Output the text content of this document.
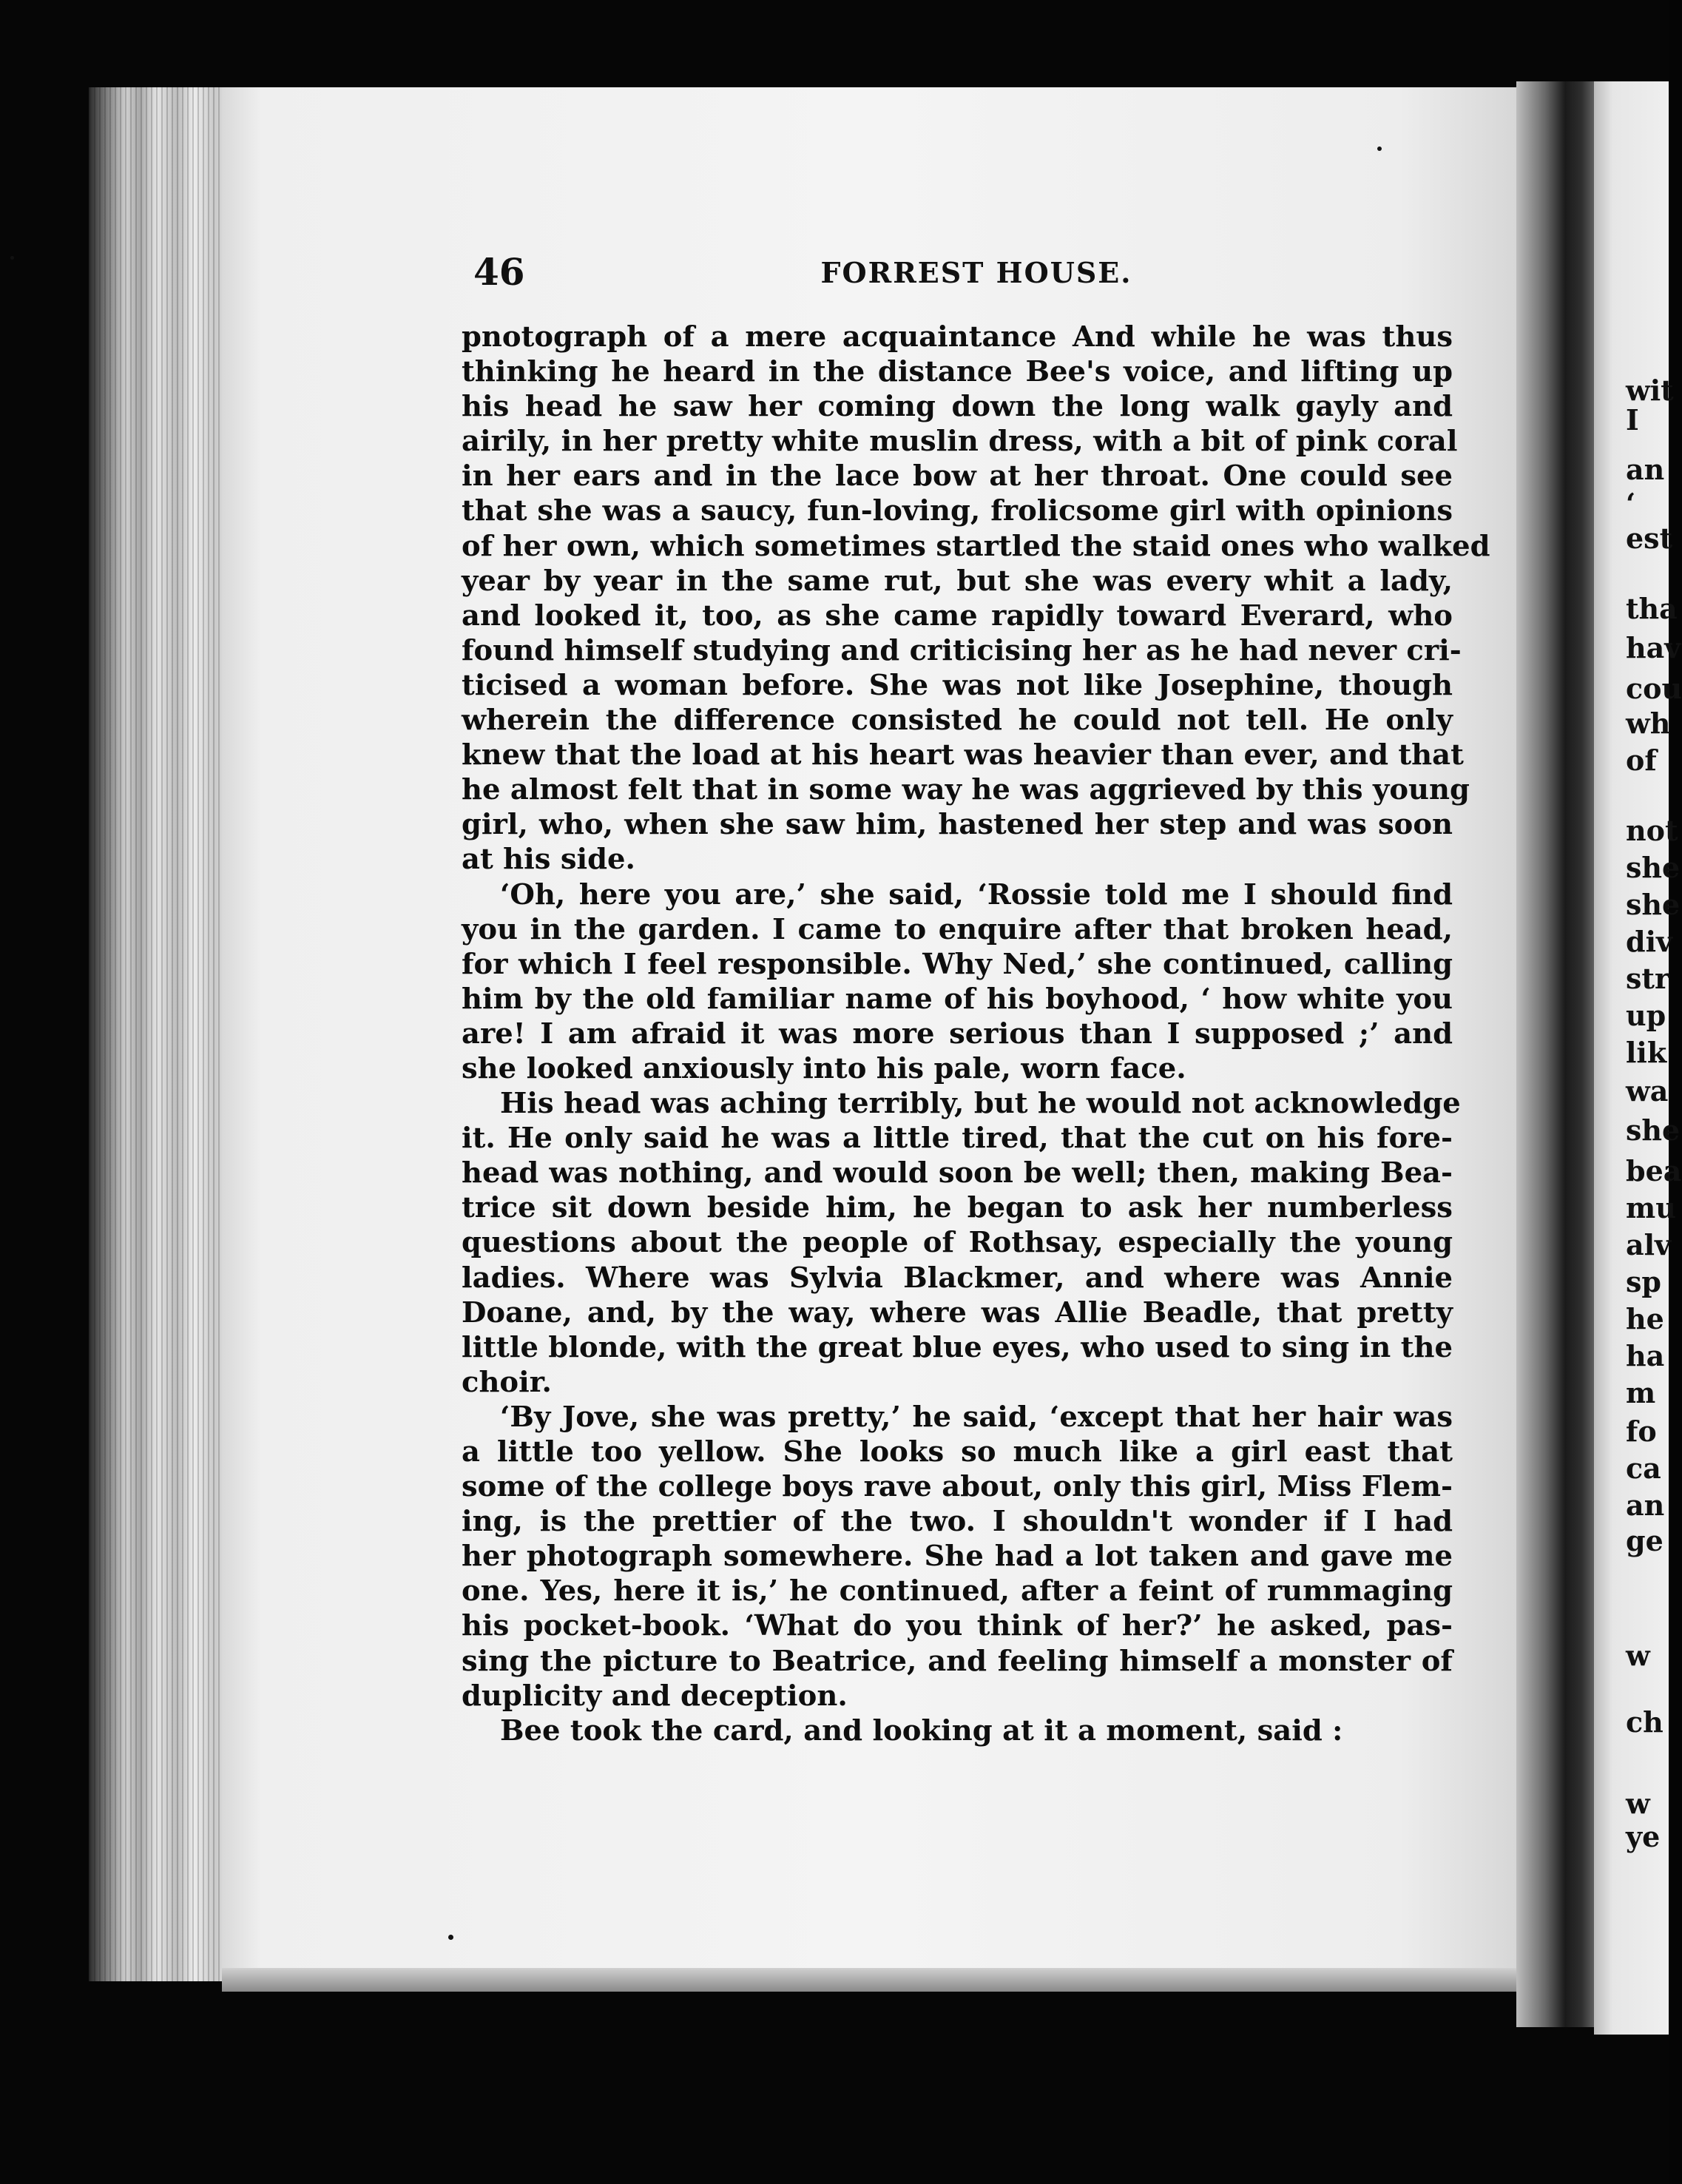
46	FORREST HOUSE.
pnotograph of a mere acquaintance And while he was thus
thinking he heard in the distance Bee's voice, and lifting up
his head he saw her coming down the long walk gayly and
airily, in her pretty white muslin dress, with a bit of pink coral
in her ears and in the lace bow at her throat. One could see
that she was a saucy, fun-loving, frolicsome girl with opinions
of her own, which sometimes startled the staid ones who walked
year by year in the same rut, but she was every whit a lady,
and looked it, too, as she came rapidly toward Everard, who
found himself studying and criticising her as he had never cri-
ticised a woman before. She was not like Josephine, though
wherein the difference consisted he could not tell. He only
knew that the load at his heart was heavier than ever, and that
he almost felt that in some way he was aggrieved by this young
girl, who, when she saw him, hastened her step and was soon
at his side.
‘Oh, here you are,’ she said, ‘Rossie told me I should find
you in the garden. I came to enquire after that broken head,
for which I feel responsible. Why Ned,’ she continued, calling
him by the old familiar name of his boyhood, ‘ how white you
are! I am afraid it was more serious than I supposed ;’ and
she looked anxiously into his pale, worn face.
His head was aching terribly, but he would not acknowledge
it. He only said he was a little tired, that the cut on his fore-
head was nothing, and would soon be well; then, making Bea-
trice sit down beside him, he began to ask her numberless
questions about the people of Rothsay, especially the young
ladies. Where was Sylvia Blackmer, and where was Annie
Doane, and, by the way, where was Allie Beadle, that pretty
little blonde, with the great blue eyes, who used to sing in the
choir.
‘By Jove, she was pretty,’ he said, ‘except that her hair was
a little too yellow. She looks so much like a girl east that
some of the college boys rave about, only this girl, Miss Flem-
ing, is the prettier of the two. I shouldn't wonder if I had
her photograph somewhere. She had a lot taken and gave me
one. Yes, here it is,’ he continued, after a feint of rummaging
his pocket-book. ‘What do you think of her?’ he asked, pas-
sing the picture to Beatrice, and feeling himself a monster of
duplicity and deception.
Bee took the card, and looking at it a moment, said :
wit
I
an
‘
est
tha
hav
cou
wh
of
not
she
she
div
str
up
lik
wa
she
bea
mu
alv
sp
he
ha
m
fo
ca
an
ge
w
ch
w
ye
